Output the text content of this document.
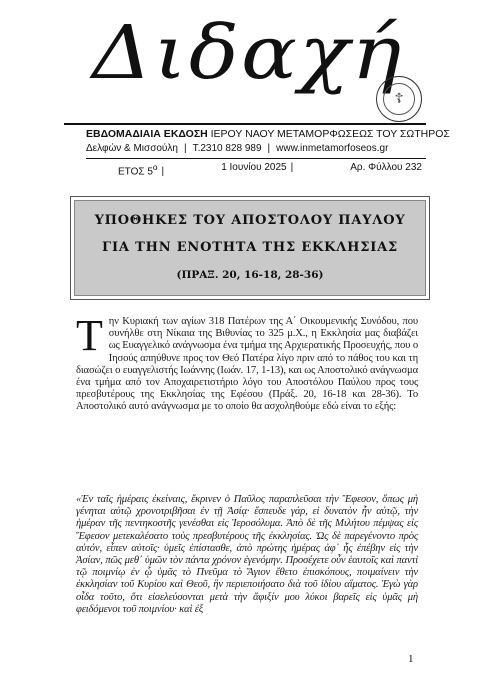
Διδαχή
☦
ΕΒΔΟΜΑΔΙΑΙΑ ΕΚΔΟΣΗ ΙΕΡΟΥ ΝΑΟΥ ΜΕΤΑΜΟΡΦΩΣΕΩΣ ΤΟΥ ΣΩΤΗΡΟΣ
Δελφών & Μισσούλη | Τ.2310 828 989 | www.inmetamorfoseos.gr
ΕΤΟΣ $5^o$ |	1 Ιουνίου 2025 |	Αρ. Φύλλου 232
ΥΠΟΘΗΚΕΣ ΤΟΥ ΑΠΟΣΤΟΛΟΥ ΠΑΥΛΟΥ
ΓΙΑ ΤΗΝ ΕΝΟΤΗΤΑ ΤΗΣ ΕΚΚΛΗΣΙΑΣ
(ΠΡΑΞ. 20, 16-18, 28-36)
Την Κυριακή των αγίων 318 Πατέρων της Α΄ Οικουμενικής Συνόδου, που συνήλθε στη Νίκαια της Βιθυνίας το 325 μ.Χ., η Εκκλησία μας διαβάζει ως Ευαγγελικό ανάγνωσμα ένα τμήμα της Αρχιερατικής Προσευχής, που ο Ιησούς απηύθυνε προς τον Θεό Πατέρα λίγο πριν από το πάθος του και τη διασώζει ο ευαγγελιστής Ιωάννης (Ιωάν. 17, 1-13), και ως Αποστολικό ανάγνωσμα ένα τμήμα από τον Αποχαιρετιστήριο λόγο του Αποστόλου Παύλου προς τους πρεσβυτέρους της Εκκλησίας της Εφέσου (Πράξ. 20, 16-18 και 28-36). Το Αποστολικό αυτό ανάγνωσμα με το οποίο θα ασχοληθούμε εδώ είναι το εξής:
«Ἐν ταῖς ἡμέραις ἐκείναις, ἔκρινεν ὁ Παῦλος παραπλεῦσαι τὴν Ἔφεσον, ὅπως μὴ γένηται αὐτῷ χρονοτριβῆσαι ἐν τῇ Ἀσίᾳ· ἔσπευδε γάρ, εἰ δυνατὸν ἦν αὐτῷ, τὴν ἡμέραν τῆς πεντηκοστῆς γενέσθαι εἰς Ἱεροσόλυμα. Ἀπὸ δὲ τῆς Μιλήτου πέμψας εἰς Ἔφεσον μετεκαλέσατο τοὺς πρεσβυτέρους τῆς ἐκκλησίας. Ὡς δὲ παρεγένοντο πρὸς αὐτόν, εἶπεν αὐτοῖς· ὑμεῖς ἐπίστασθε, ἀπὸ πρώτης ἡμέρας ἀφ᾿ ἧς ἐπέβην εἰς τὴν Ἀσίαν, πῶς μεθ᾿ ὑμῶν τὸν πάντα χρόνον ἐγενόμην. Προσέχετε οὖν ἑαυτοῖς καὶ παντὶ τῷ ποιμνίῳ ἐν ᾧ ὑμᾶς τὸ Πνεῦμα τὸ Ἅγιον ἔθετο ἐπισκόπους, ποιμαίνειν τὴν ἐκκλησίαν τοῦ Κυρίου καὶ Θεοῦ, ἣν περιεποιήσατο διὰ τοῦ ἰδίου αἵματος. Ἐγὼ γὰρ οἶδα τοῦτο, ὅτι εἰσελεύσονται μετὰ τὴν ἄφιξίν μου λύκοι βαρεῖς εἰς ὑμᾶς μὴ φειδόμενοι τοῦ ποιμνίου· καὶ ἐξ
1
